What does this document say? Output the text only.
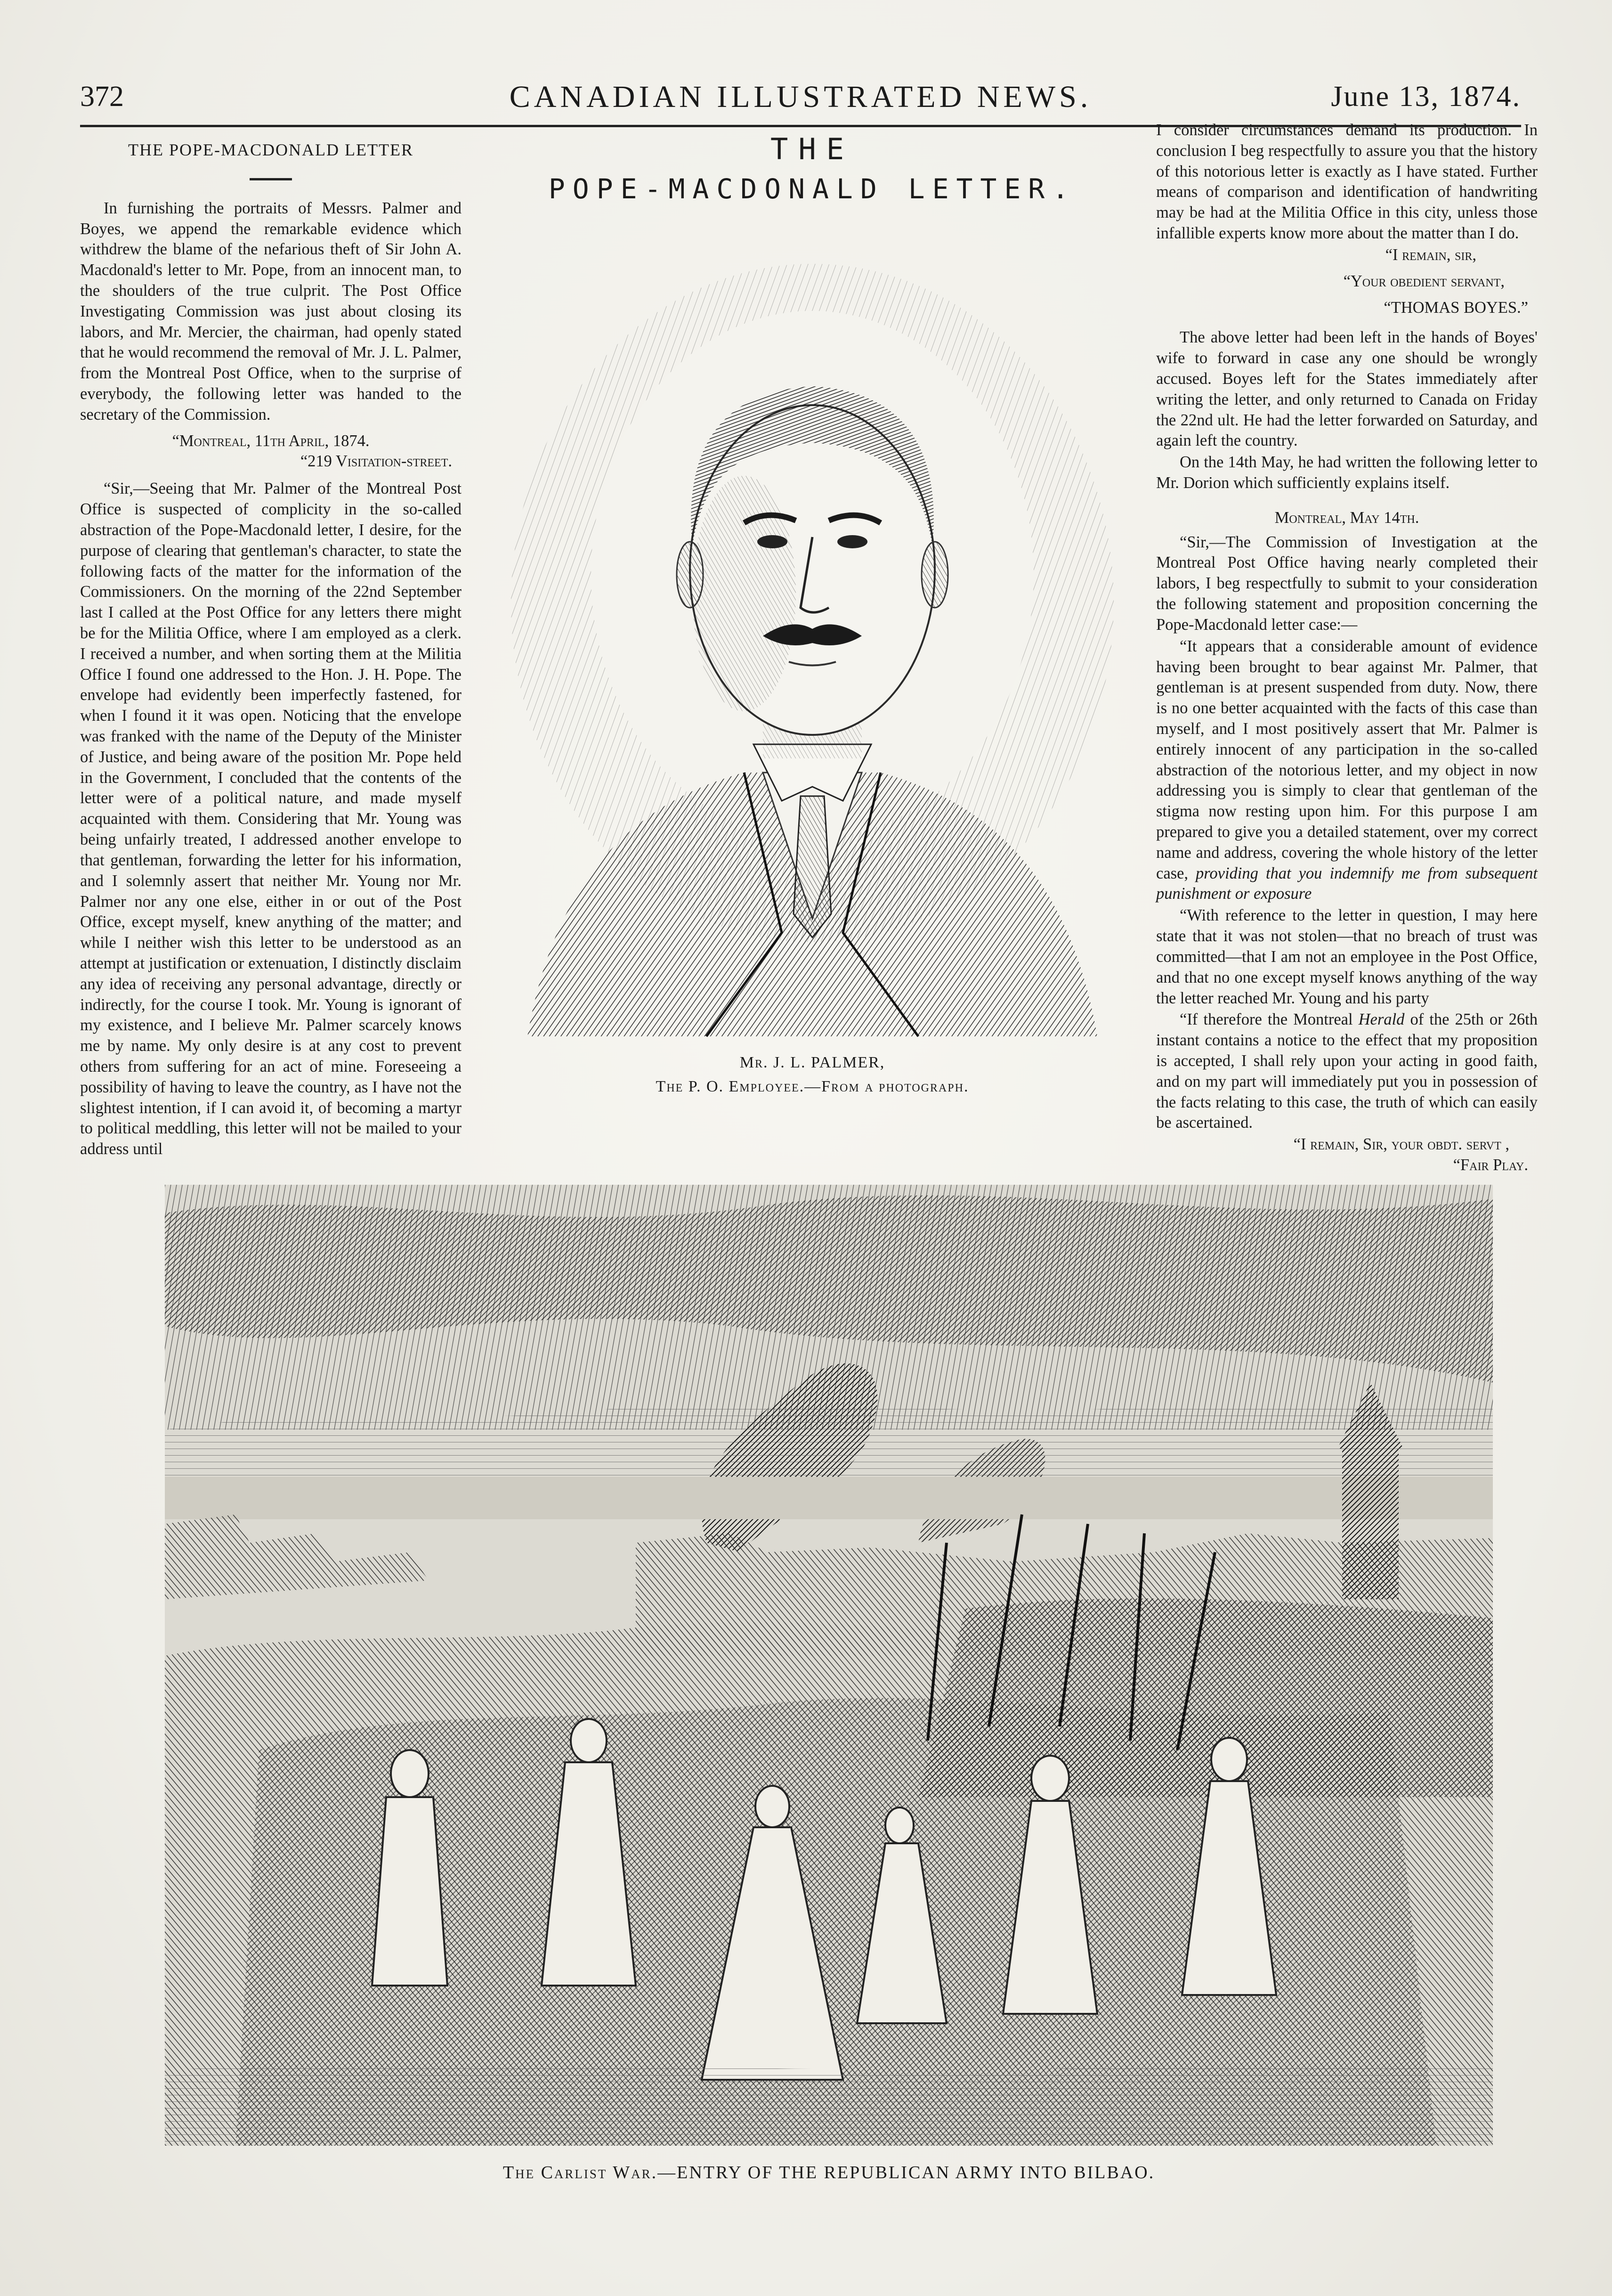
372	CANADIAN ILLUSTRATED NEWS.	June 13, 1874.

THE POPE-MACDONALD LETTER

In furnishing the portraits of Messrs. Palmer and Boyes, we append the remarkable evidence which withdrew the blame of the nefarious theft of Sir John A. Macdonald's letter to Mr. Pope, from an innocent man, to the shoulders of the true culprit. The Post Office Investigating Commission was just about closing its labors, and Mr. Mercier, the chairman, had openly stated that he would recommend the removal of Mr. J. L. Palmer, from the Montreal Post Office, when to the surprise of everybody, the following letter was handed to the secretary of the Commission.

“Montreal, 11th April, 1874.

“219 Visitation-street.

“Sir,—Seeing that Mr. Palmer of the Montreal Post Office is suspected of complicity in the so-called abstraction of the Pope-Macdonald letter, I desire, for the purpose of clearing that gentleman's character, to state the following facts of the matter for the information of the Commissioners. On the morning of the 22nd September last I called at the Post Office for any letters there might be for the Militia Office, where I am employed as a clerk. I received a number, and when sorting them at the Militia Office I found one addressed to the Hon. J. H. Pope. The envelope had evidently been imperfectly fastened, for when I found it it was open. Noticing that the envelope was franked with the name of the Deputy of the Minister of Justice, and being aware of the position Mr. Pope held in the Government, I concluded that the contents of the letter were of a political nature, and made myself acquainted with them. Considering that Mr. Young was being unfairly treated, I addressed another envelope to that gentleman, forwarding the letter for his information, and I solemnly assert that neither Mr. Young nor Mr. Palmer nor any one else, either in or out of the Post Office, except myself, knew anything of the matter; and while I neither wish this letter to be understood as an attempt at justification or extenuation, I distinctly disclaim any idea of receiving any personal advantage, directly or indirectly, for the course I took. Mr. Young is ignorant of my existence, and I believe Mr. Palmer scarcely knows me by name. My only desire is at any cost to prevent others from suffering for an act of mine. Foreseeing a possibility of having to leave the country, as I have not the slightest intention, if I can avoid it, of becoming a martyr to political meddling, this letter will not be mailed to your address until

THE
POPE-MACDONALD LETTER.
Mr. J. L. PALMER,
The P. O. Employee.—From a photograph.

I consider circumstances demand its production. In conclusion I beg respectfully to assure you that the history of this notorious letter is exactly as I have stated. Further means of comparison and identification of handwriting may be had at the Militia Office in this city, unless those infallible experts know more about the matter than I do.

“I remain, sir,

“Your obedient servant,

“THOMAS BOYES.”

The above letter had been left in the hands of Boyes' wife to forward in case any one should be wrongly accused. Boyes left for the States immediately after writing the letter, and only returned to Canada on Friday the 22nd ult. He had the letter forwarded on Saturday, and again left the country.

On the 14th May, he had written the following letter to Mr. Dorion which sufficiently explains itself.

Montreal, May 14th.

“Sir,—The Commission of Investigation at the Montreal Post Office having nearly completed their labors, I beg respectfully to submit to your consideration the following statement and proposition concerning the Pope-Macdonald letter case:—

“It appears that a considerable amount of evidence having been brought to bear against Mr. Palmer, that gentleman is at present suspended from duty. Now, there is no one better acquainted with the facts of this case than myself, and I most positively assert that Mr. Palmer is entirely innocent of any participation in the so-called abstraction of the notorious letter, and my object in now addressing you is simply to clear that gentleman of the stigma now resting upon him. For this purpose I am prepared to give you a detailed statement, over my correct name and address, covering the whole history of the letter case, providing that you indemnify me from subsequent punishment or exposure

“With reference to the letter in question, I may here state that it was not stolen—that no breach of trust was committed—that I am not an employee in the Post Office, and that no one except myself knows anything of the way the letter reached Mr. Young and his party

“If therefore the Montreal Herald of the 25th or 26th instant contains a notice to the effect that my proposition is accepted, I shall rely upon your acting in good faith, and on my part will immediately put you in possession of the facts relating to this case, the truth of which can easily be ascertained.

“I remain, Sir, your obdt. servt ,

“Fair Play.

The Carlist War.—ENTRY OF THE REPUBLICAN ARMY INTO BILBAO.
